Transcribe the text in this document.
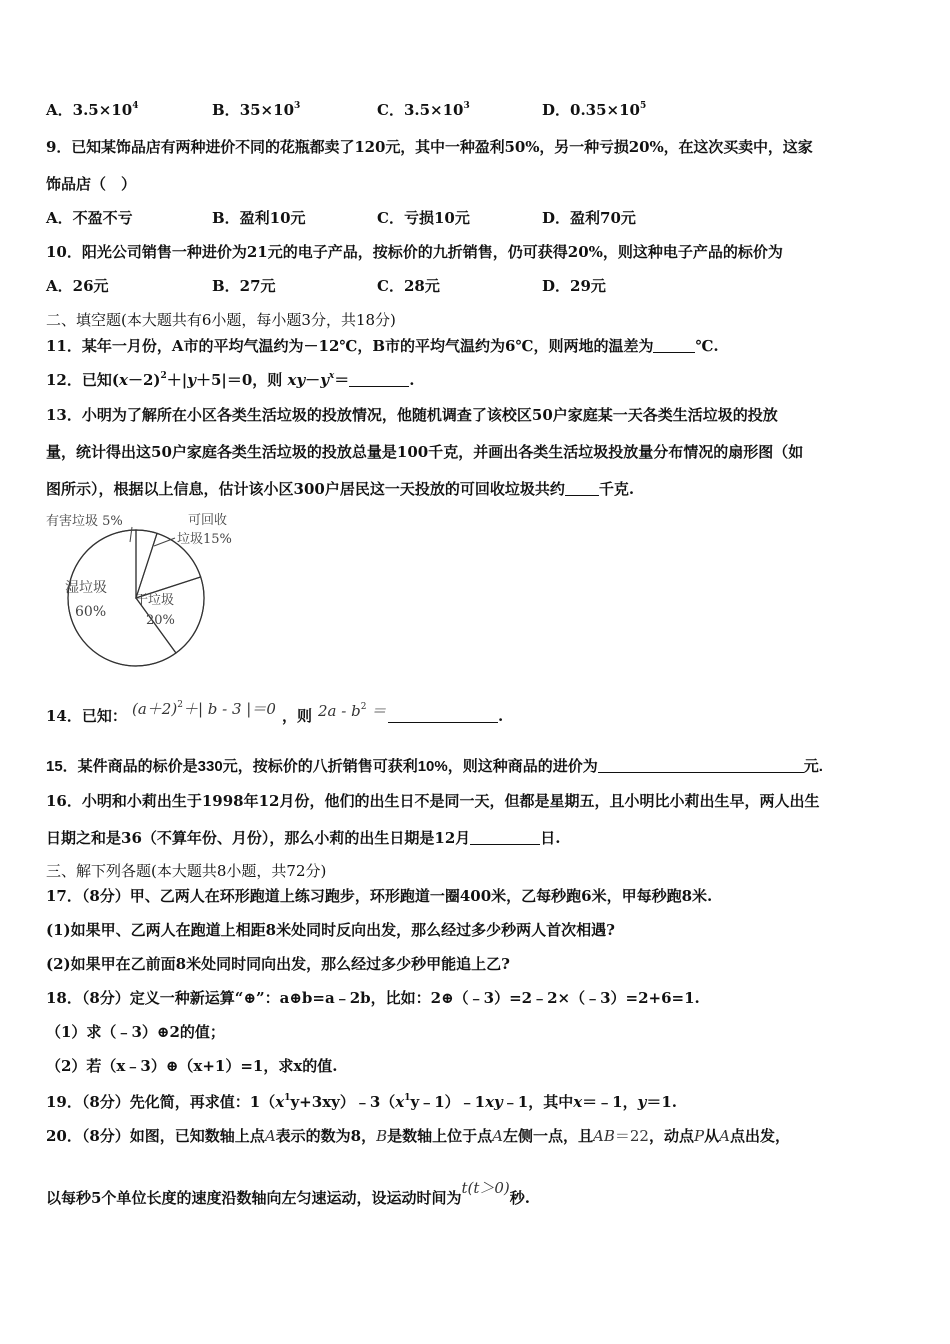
A．$3.5\times 10^4$	B．$35\times 10^3$	C．$3.5\times 10^3$	D．$0.35\times 10^5$
9．已知某饰品店有两种进价不同的花瓶都卖了120元，其中一种盈利50%，另一种亏损20%，在这次买卖中，这家
饰品店（　）
A．不盈不亏	B．盈利10元	C．亏损10元	D．盈利70元
10．阳光公司销售一种进价为21元的电子产品，按标价的九折销售，仍可获得20%，则这种电子产品的标价为
A．26元	B．27元	C．28元	D．29元
二、填空题(本大题共有6小题，每小题3分，共18分)
11．某年一月份，A市的平均气温约为－12℃，B市的平均气温约为6℃，则两地的温差为	℃.
12．已知$(x-2)^2+|y+5|=0$，则 $xy-y^x=$	.
13．小明为了解所在小区各类生活垃圾的投放情况，他随机调查了该校区50户家庭某一天各类生活垃圾的投放
量，统计得出这50户家庭各类生活垃圾的投放总量是100千克，并画出各类生活垃圾投放量分布情况的扇形图（如
图所示），根据以上信息，估计该小区300户居民这一天投放的可回收垃圾共约 千克.
有害垃圾 5%	可回收
垃圾15%
湿垃圾
60%
干垃圾
20%
14．已知： $(a+2)^2+|$ b - 3 |＝0 ，则 $2a - b^2$ ＝	.
15．某件商品的标价是330元，按标价的八折销售可获利10%，则这种商品的进价为	元.
16．小明和小莉出生于1998年12月份，他们的出生日不是同一天，但都是星期五，且小明比小莉出生早，两人出生
日期之和是36（不算年份、月份），那么小莉的出生日期是12月	日.
三、解下列各题(本大题共8小题，共72分)
17．（8分）甲、乙两人在环形跑道上练习跑步，环形跑道一圈400米，乙每秒跑6米，甲每秒跑8米.
(1)如果甲、乙两人在跑道上相距8米处同时反向出发，那么经过多少秒两人首次相遇?
(2)如果甲在乙前面8米处同时同向出发，那么经过多少秒甲能追上乙?
18．（8分）定义一种新运算“⊕”：a⊕b=a﹣2b，比如：2⊕（﹣3）=2﹣2×（﹣3）=2+6=1.
（1）求（﹣3）⊕2的值；
（2）若（x﹣3）⊕（x+1）=1，求x的值.
19．（8分）先化简，再求值：$1(x^1y+3xy)﹣3(x^1y﹣1)﹣1xy﹣1$，其中x＝﹣1，y＝1.
20．（8分）如图，已知数轴上点A表示的数为8，B是数轴上位于点A左侧一点，且AB＝22，动点P从A点出发，
以每秒5个单位长度的速度沿数轴向左匀速运动，设运动时间为t(t＞0)秒.
